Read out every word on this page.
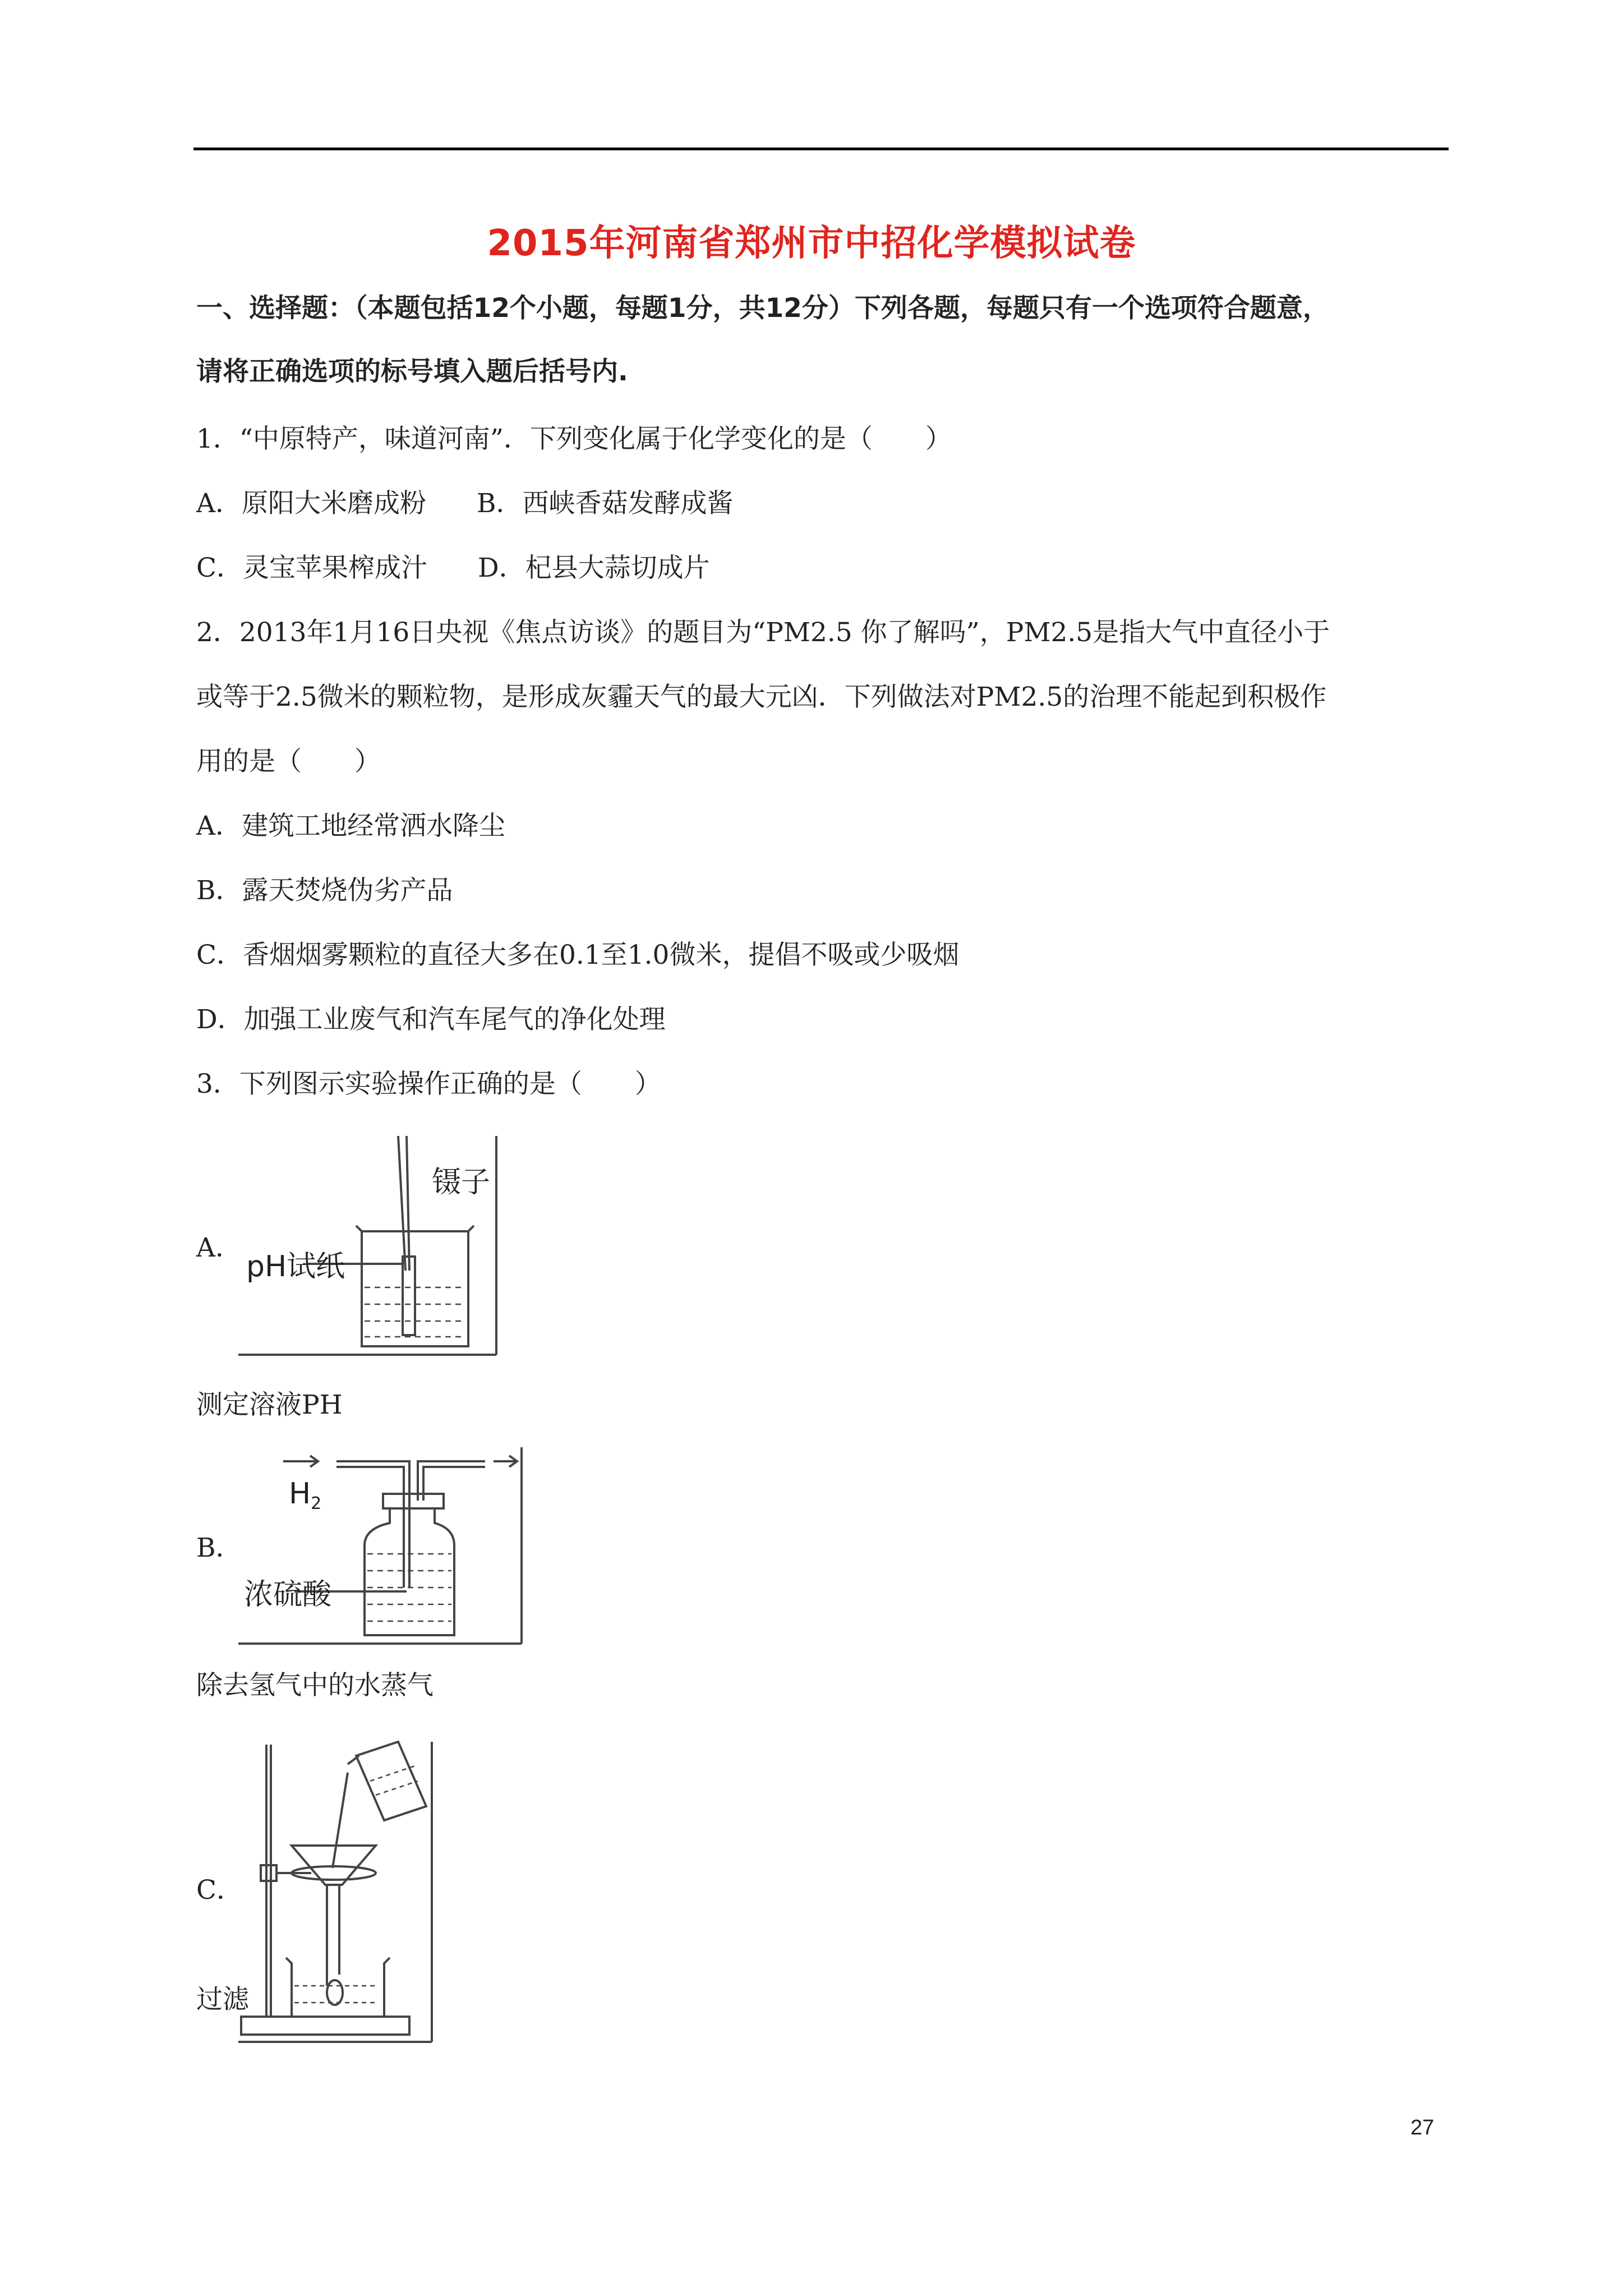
2015年河南省郑州市中招化学模拟试卷
一、选择题：（本题包括12个小题，每题1分，共12分）下列各题，每题只有一个选项符合题意，
请将正确选项的标号填入题后括号内.
1．“中原特产，味道河南”．下列变化属于化学变化的是（　　）
A．原阳大米磨成粉 B．西峡香菇发酵成酱
C．灵宝苹果榨成汁 D．杞县大蒜切成片
2．2013年1月16日央视《焦点访谈》的题目为“PM2.5 你了解吗”，PM2.5是指大气中直径小于
或等于2.5微米的颗粒物，是形成灰霾天气的最大元凶．下列做法对PM2.5的治理不能起到积极作
用的是（　　）
A．建筑工地经常洒水降尘
B．露天焚烧伪劣产品
C．香烟烟雾颗粒的直径大多在0.1至1.0微米，提倡不吸或少吸烟
D．加强工业废气和汽车尾气的净化处理
3．下列图示实验操作正确的是（　　）
A．
镊子
pH试纸
测定溶液PH
B．
H2
浓硫酸
除去氢气中的水蒸气
C．
过滤
27
